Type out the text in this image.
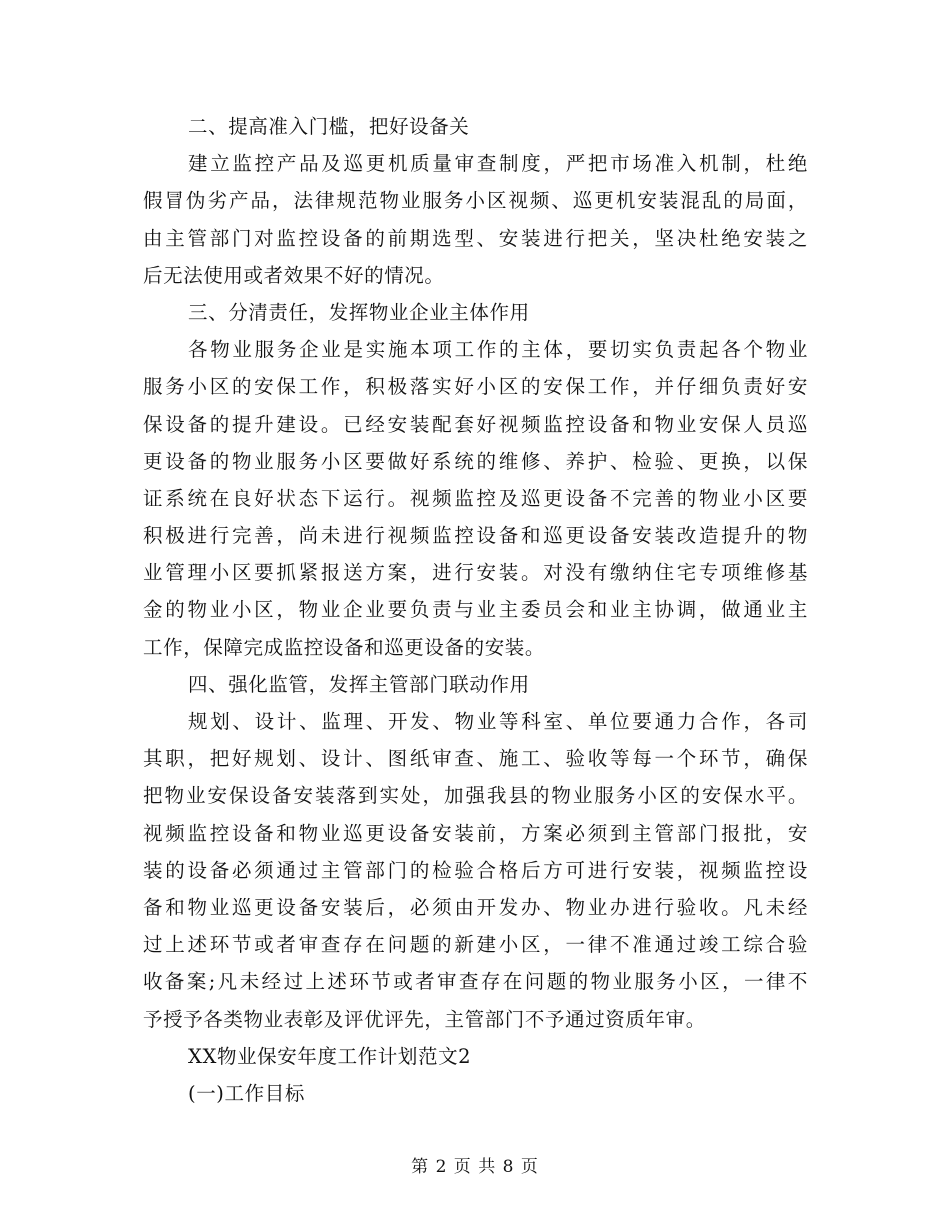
二、提高准入门槛，把好设备关
建立监控产品及巡更机质量审查制度，严把市场准入机制，杜绝
假冒伪劣产品，法律规范物业服务小区视频、巡更机安装混乱的局面，
由主管部门对监控设备的前期选型、安装进行把关，坚决杜绝安装之
后无法使用或者效果不好的情况。
三、分清责任，发挥物业企业主体作用
各物业服务企业是实施本项工作的主体，要切实负责起各个物业
服务小区的安保工作，积极落实好小区的安保工作，并仔细负责好安
保设备的提升建设。已经安装配套好视频监控设备和物业安保人员巡
更设备的物业服务小区要做好系统的维修、养护、检验、更换，以保
证系统在良好状态下运行。视频监控及巡更设备不完善的物业小区要
积极进行完善，尚未进行视频监控设备和巡更设备安装改造提升的物
业管理小区要抓紧报送方案，进行安装。对没有缴纳住宅专项维修基
金的物业小区，物业企业要负责与业主委员会和业主协调，做通业主
工作，保障完成监控设备和巡更设备的安装。
四、强化监管，发挥主管部门联动作用
规划、设计、监理、开发、物业等科室、单位要通力合作，各司
其职，把好规划、设计、图纸审查、施工、验收等每一个环节，确保
把物业安保设备安装落到实处，加强我县的物业服务小区的安保水平。
视频监控设备和物业巡更设备安装前，方案必须到主管部门报批，安
装的设备必须通过主管部门的检验合格后方可进行安装，视频监控设
备和物业巡更设备安装后，必须由开发办、物业办进行验收。凡未经
过上述环节或者审查存在问题的新建小区，一律不准通过竣工综合验
收备案;凡未经过上述环节或者审查存在问题的物业服务小区，一律不
予授予各类物业表彰及评优评先，主管部门不予通过资质年审。
XX物业保安年度工作计划范文2
(一)工作目标
第 2 页 共 8 页
